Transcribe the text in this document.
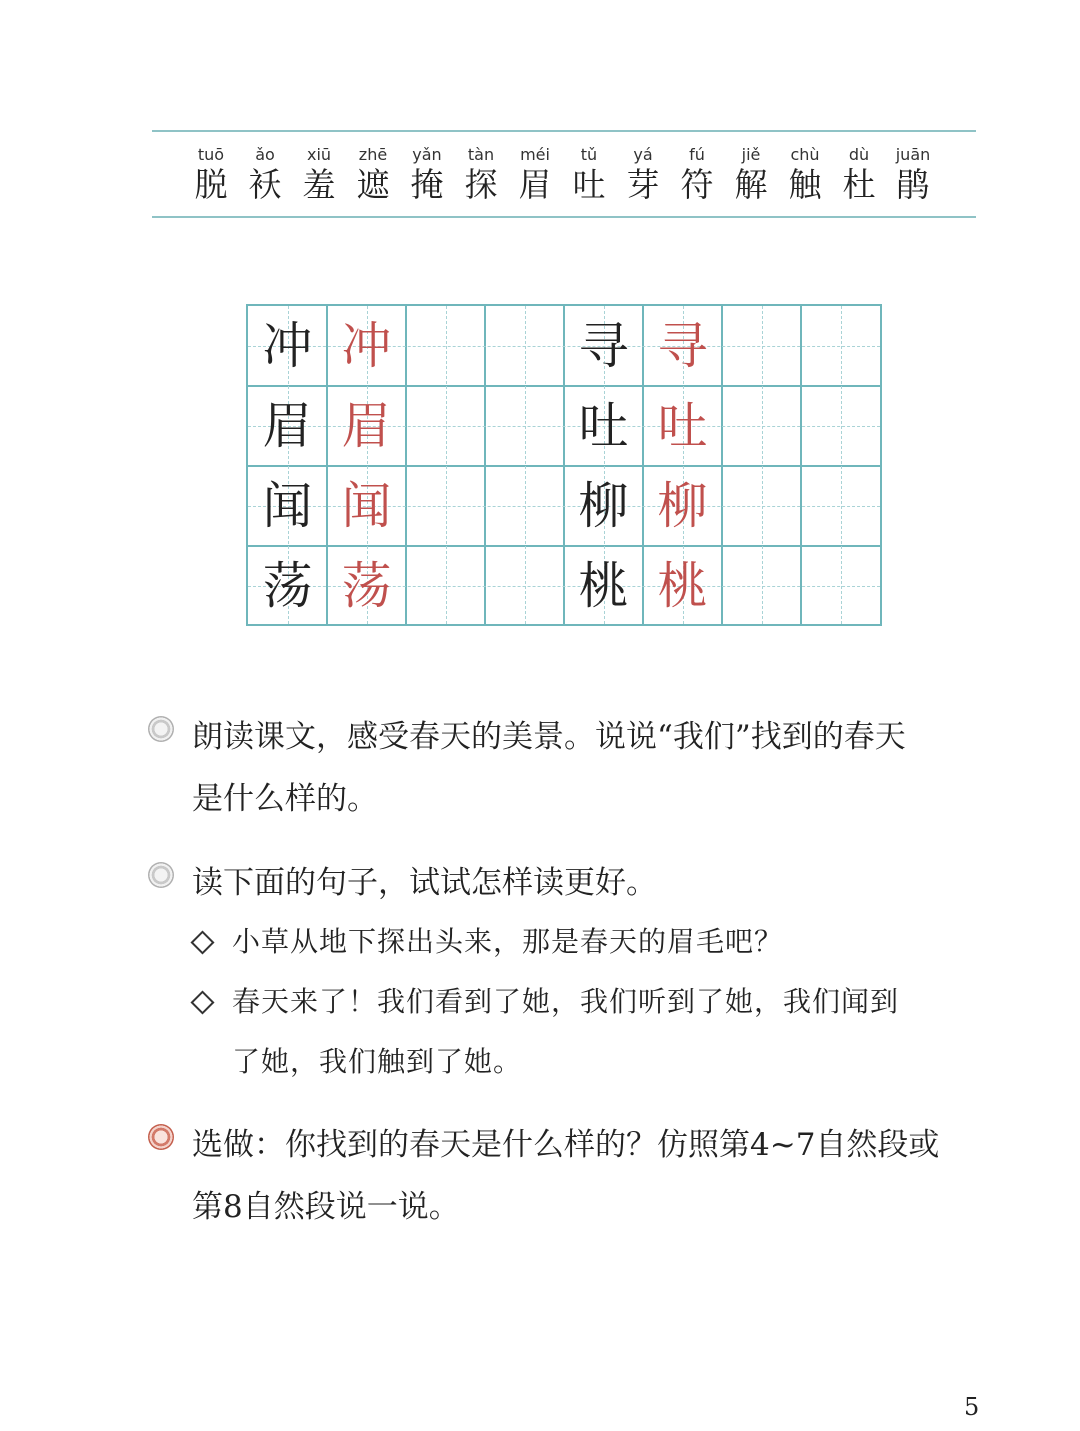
tuō
脱
ǎo
袄
xiū
羞
zhē
遮
yǎn
掩
tàn
探
méi
眉
tǔ
吐
yá
芽
fú
符
jiě
解
chù
触
dù
杜
juān
鹃
冲 冲
眉 眉
闻 闻
荡 荡
寻 寻
吐 吐
柳 柳
桃 桃
朗读课文，感受春天的美景。说说“我们”找到的春天
是什么样的。
读下面的句子，试试怎样读更好。
小草从地下探出头来，那是春天的眉毛吧？
春天来了！我们看到了她，我们听到了她，我们闻到
了她，我们触到了她。
选做：你找到的春天是什么样的？仿照第4~7自然段或
第8自然段说一说。
5
